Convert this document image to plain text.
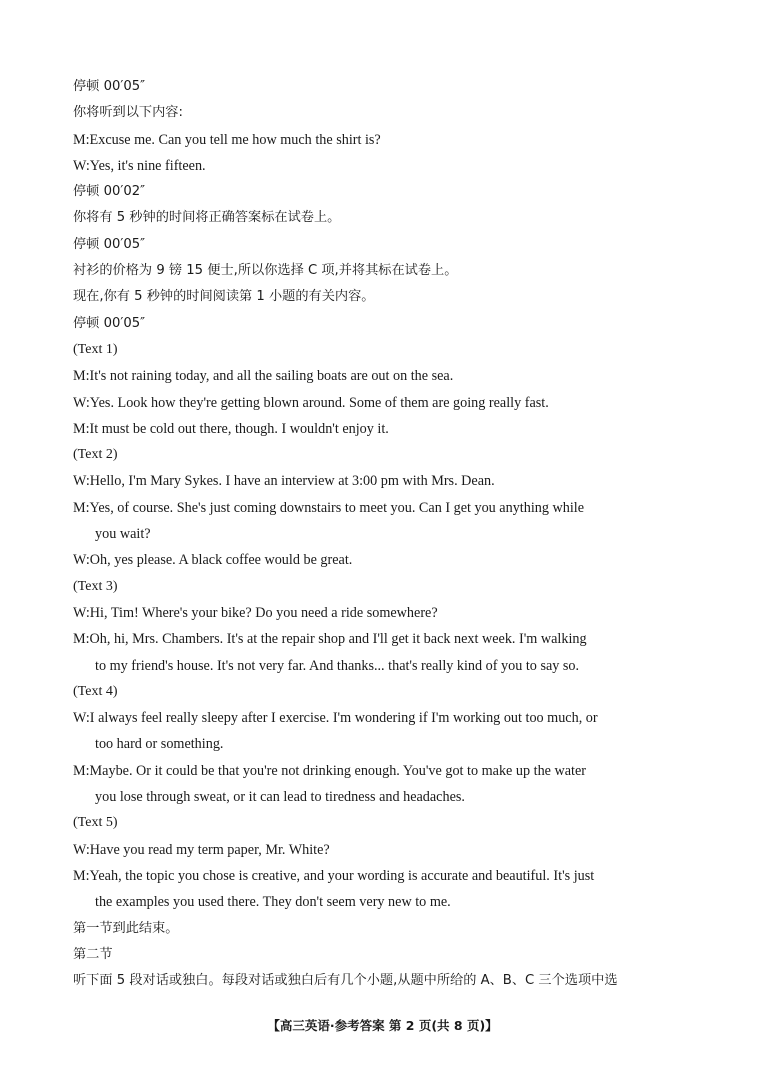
停顿 00′05″
你将听到以下内容:
M:Excuse me. Can you tell me how much the shirt is?
W:Yes, it's nine fifteen.
停顿 00′02″
你将有 5 秒钟的时间将正确答案标在试卷上。
停顿 00′05″
衬衫的价格为 9 镑 15 便士,所以你选择 C 项,并将其标在试卷上。
现在,你有 5 秒钟的时间阅读第 1 小题的有关内容。
停顿 00′05″
(Text 1)
M:It's not raining today, and all the sailing boats are out on the sea.
W:Yes. Look how they're getting blown around. Some of them are going really fast.
M:It must be cold out there, though. I wouldn't enjoy it.
(Text 2)
W:Hello, I'm Mary Sykes. I have an interview at 3:00 pm with Mrs. Dean.
M:Yes, of course. She's just coming downstairs to meet you. Can I get you anything while
you wait?
W:Oh, yes please. A black coffee would be great.
(Text 3)
W:Hi, Tim! Where's your bike? Do you need a ride somewhere?
M:Oh, hi, Mrs. Chambers. It's at the repair shop and I'll get it back next week. I'm walking
to my friend's house. It's not very far. And thanks... that's really kind of you to say so.
(Text 4)
W:I always feel really sleepy after I exercise. I'm wondering if I'm working out too much, or
too hard or something.
M:Maybe. Or it could be that you're not drinking enough. You've got to make up the water
you lose through sweat, or it can lead to tiredness and headaches.
(Text 5)
W:Have you read my term paper, Mr. White?
M:Yeah, the topic you chose is creative, and your wording is accurate and beautiful. It's just
the examples you used there. They don't seem very new to me.
第一节到此结束。
第二节
听下面 5 段对话或独白。每段对话或独白后有几个小题,从题中所给的 A、B、C 三个选项中选
【高三英语·参考答案 第 2 页(共 8 页)】
